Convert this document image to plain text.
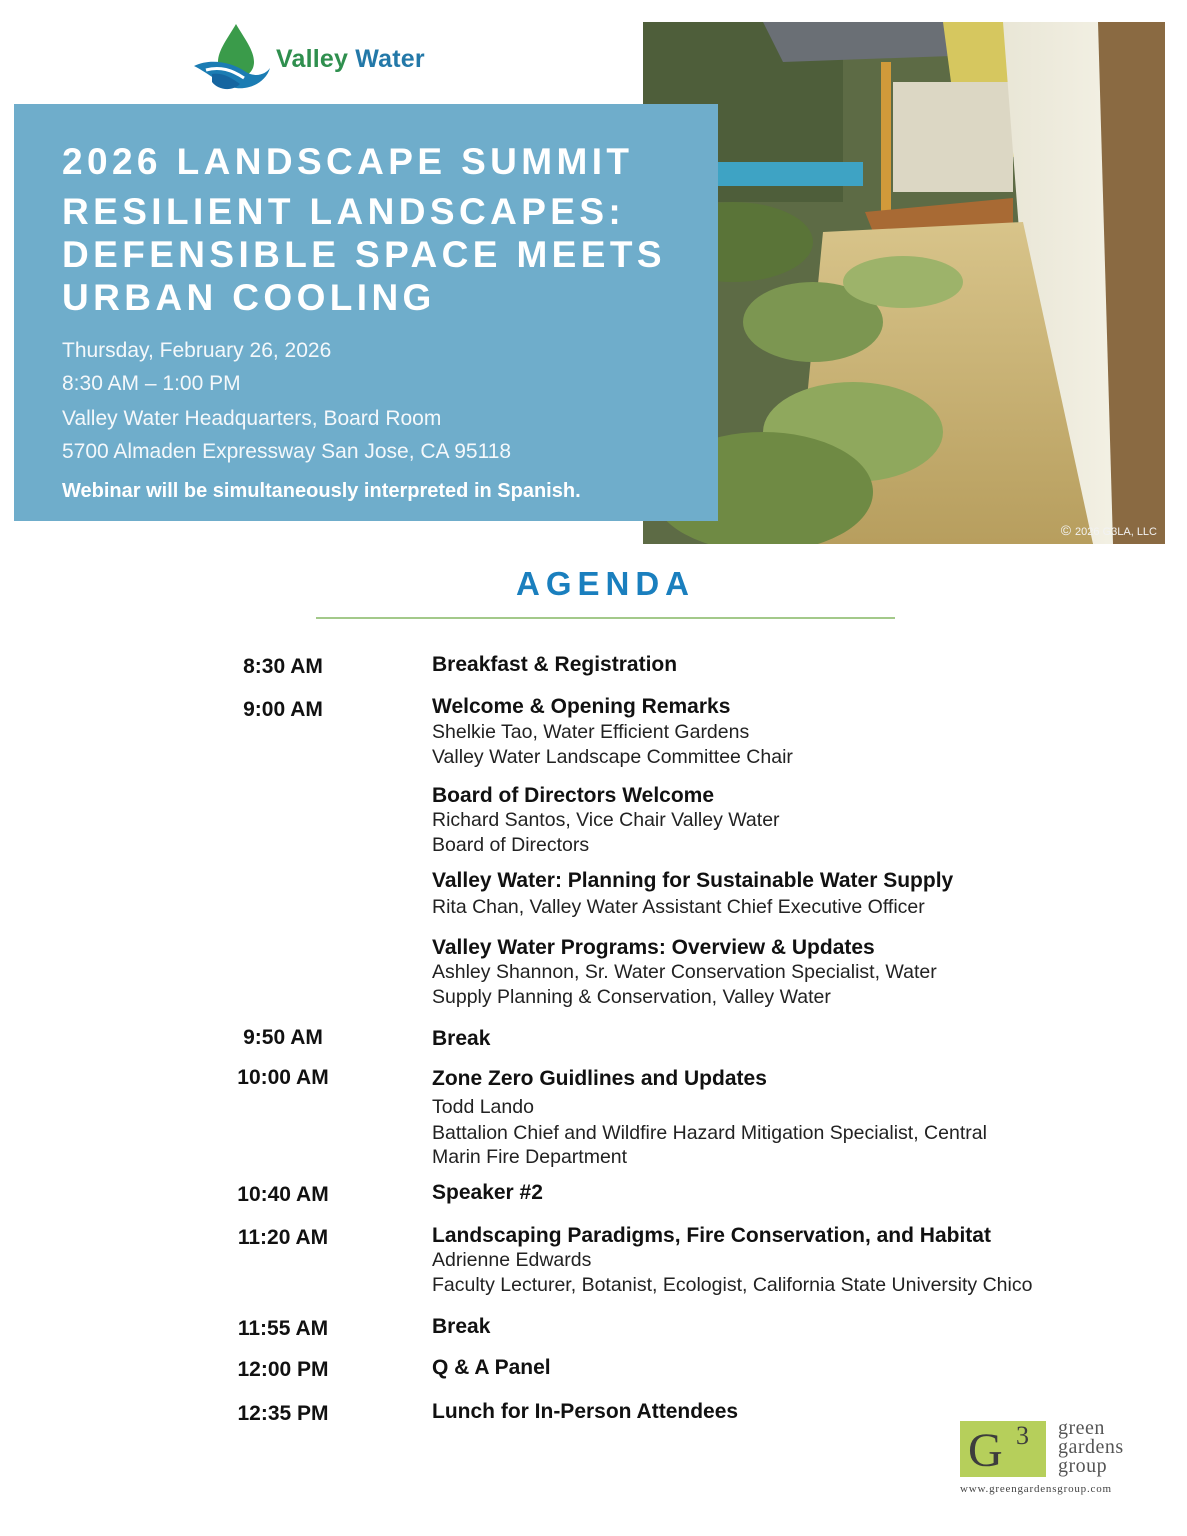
Valley Water
© 2026 G3LA, LLC
2026 LANDSCAPE SUMMIT
RESILIENT LANDSCAPES:
DEFENSIBLE SPACE MEETS
URBAN COOLING
Thursday, February 26, 2026
8:30 AM – 1:00 PM
Valley Water Headquarters, Board Room
5700 Almaden Expressway San Jose, CA 95118
Webinar will be simultaneously interpreted in Spanish.
AGENDA
8:30 AM	Breakfast & Registration
9:00 AM	Welcome & Opening Remarks
Shelkie Tao, Water Efficient Gardens
Valley Water Landscape Committee Chair
Board of Directors Welcome
Richard Santos, Vice Chair Valley Water
Board of Directors
Valley Water: Planning for Sustainable Water Supply
Rita Chan, Valley Water Assistant Chief Executive Officer
Valley Water Programs: Overview & Updates
Ashley Shannon, Sr. Water Conservation Specialist, Water
Supply Planning & Conservation, Valley Water
9:50 AM	Break
10:00 AM	Zone Zero Guidlines and Updates
Todd Lando
Battalion Chief and Wildfire Hazard Mitigation Specialist, Central
Marin Fire Department
10:40 AM	Speaker #2
11:20 AM	Landscaping Paradigms, Fire Conservation, and Habitat
Adrienne Edwards
Faculty Lecturer, Botanist, Ecologist, California State University Chico
11:55 AM	Break
12:00 PM	Q & A Panel
12:35 PM	Lunch for In-Person Attendees
G 3 green
gardens
group
www.greengardensgroup.com
